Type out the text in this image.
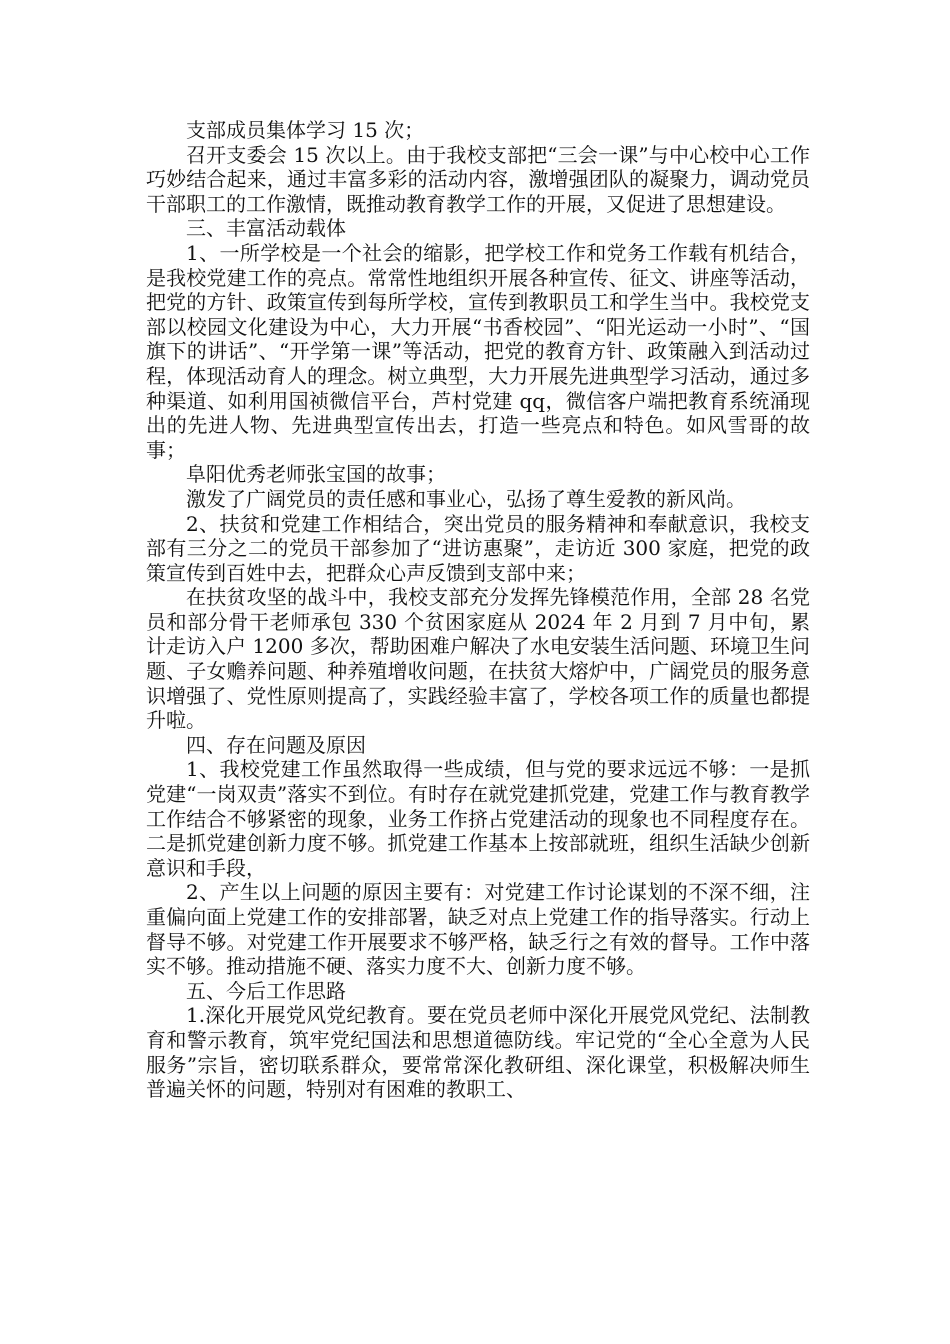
支部成员集体学习 15 次；

召开支委会 15 次以上。由于我校支部把“三会一课”与中心校中心工作巧妙结合起来，通过丰富多彩的活动内容，激增强团队的凝聚力，调动党员干部职工的工作激情，既推动教育教学工作的开展，又促进了思想建设。

三、丰富活动载体

1、一所学校是一个社会的缩影，把学校工作和党务工作载有机结合，是我校党建工作的亮点。常常性地组织开展各种宣传、征文、讲座等活动，把党的方针、政策宣传到每所学校，宣传到教职员工和学生当中。我校党支部以校园文化建设为中心，大力开展“书香校园”、“阳光运动一小时”、“国旗下的讲话”、“开学第一课”等活动，把党的教育方针、政策融入到活动过程，体现活动育人的理念。树立典型，大力开展先进典型学习活动，通过多种渠道、如利用国祯微信平台，芦村党建 qq，微信客户端把教育系统涌现出的先进人物、先进典型宣传出去，打造一些亮点和特色。如风雪哥的故事；

阜阳优秀老师张宝国的故事；

激发了广阔党员的责任感和事业心，弘扬了尊生爱教的新风尚。

2、扶贫和党建工作相结合，突出党员的服务精神和奉献意识，我校支部有三分之二的党员干部参加了“进访惠聚”，走访近 300 家庭，把党的政策宣传到百姓中去，把群众心声反馈到支部中来；

在扶贫攻坚的战斗中，我校支部充分发挥先锋模范作用，全部 28 名党员和部分骨干老师承包 330 个贫困家庭从 2024 年 2 月到 7 月中旬，累计走访入户 1200 多次，帮助困难户解决了水电安装生活问题、环境卫生问题、子女赡养问题、种养殖增收问题，在扶贫大熔炉中，广阔党员的服务意识增强了、党性原则提高了，实践经验丰富了，学校各项工作的质量也都提升啦。

四、存在问题及原因

1、我校党建工作虽然取得一些成绩，但与党的要求远远不够：一是抓党建“一岗双责”落实不到位。有时存在就党建抓党建，党建工作与教育教学工作结合不够紧密的现象，业务工作挤占党建活动的现象也不同程度存在。二是抓党建创新力度不够。抓党建工作基本上按部就班，组织生活缺少创新意识和手段，

2、产生以上问题的原因主要有：对党建工作讨论谋划的不深不细，注重偏向面上党建工作的安排部署，缺乏对点上党建工作的指导落实。行动上督导不够。对党建工作开展要求不够严格，缺乏行之有效的督导。工作中落实不够。推动措施不硬、落实力度不大、创新力度不够。

五、今后工作思路

1.深化开展党风党纪教育。要在党员老师中深化开展党风党纪、法制教育和警示教育，筑牢党纪国法和思想道德防线。牢记党的“全心全意为人民服务”宗旨，密切联系群众，要常常深化教研组、深化课堂，积极解决师生普遍关怀的问题，特别对有困难的教职工、
